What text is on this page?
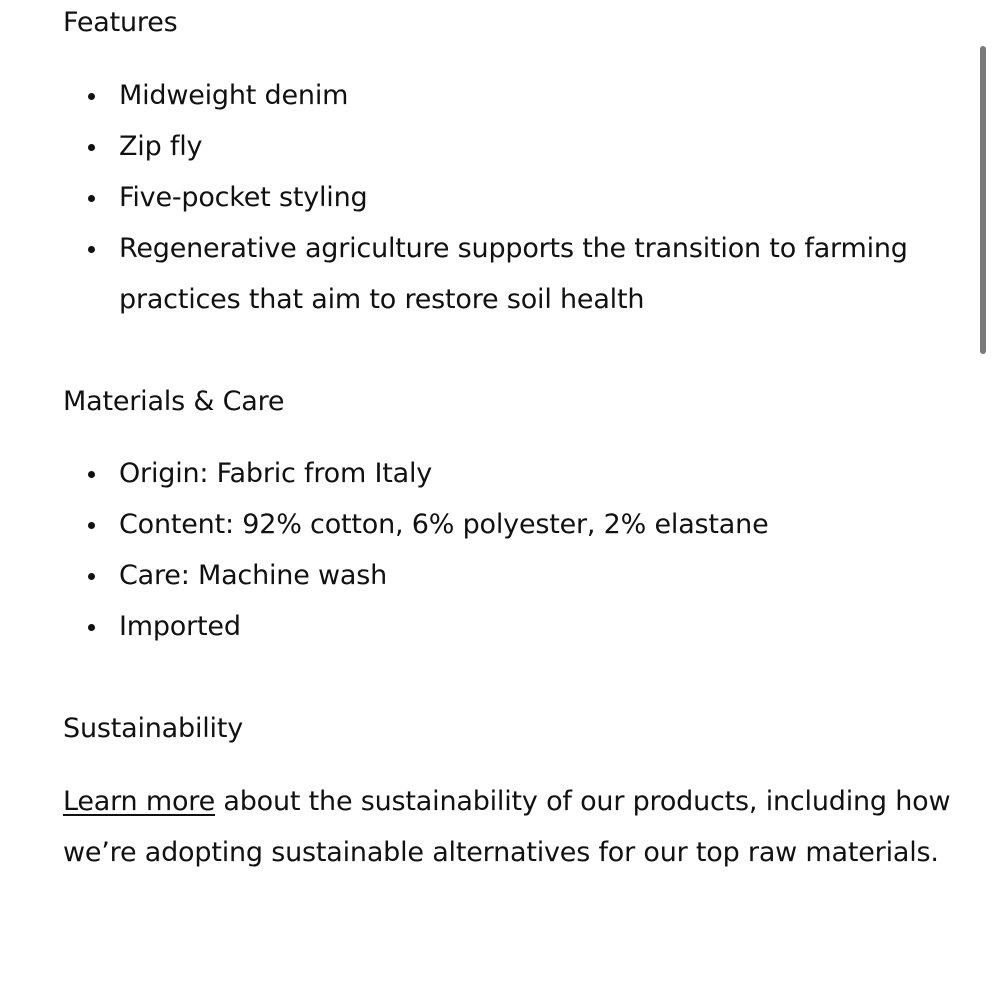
Features
Midweight denim
Zip fly
Five-pocket styling
Regenerative agriculture supports the transition to farming practices that aim to restore soil health
Materials & Care
Origin: Fabric from Italy
Content: 92% cotton, 6% polyester, 2% elastane
Care: Machine wash
Imported
Sustainability

Learn more about the sustainability of our products, including how we’re adopting sustainable alternatives for our top raw materials.
